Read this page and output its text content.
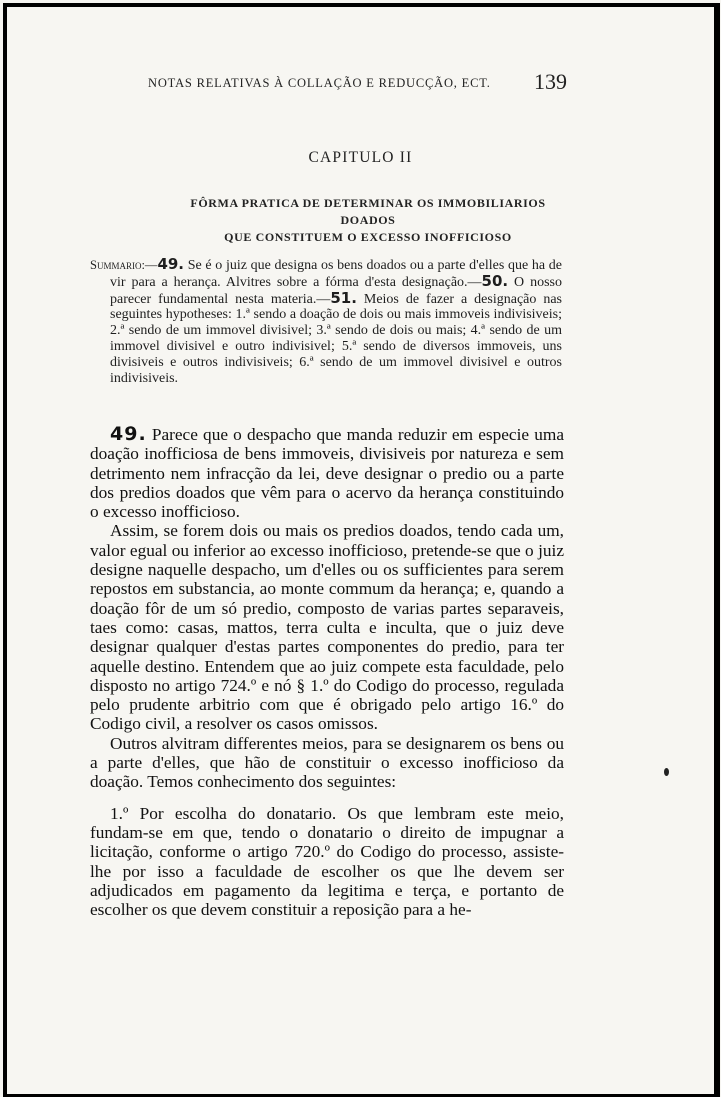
NOTAS RELATIVAS À COLLAÇÃO E REDUCÇÃO, ECT. 139
CAPITULO II
FÔRMA PRATICA DE DETERMINAR OS IMMOBILIARIOS DOADOS
QUE CONSTITUEM O EXCESSO INOFFICIOSO
Summario:—49. Se é o juiz que designa os bens doados ou a parte d'elles que ha de vir para a herança. Alvitres sobre a fórma d'esta designação.—50. O nosso parecer fundamental nesta materia.—51. Meios de fazer a designação nas seguintes hypotheses: 1.ª sendo a doação de dois ou mais immoveis indivisiveis; 2.ª sendo de um immovel divisivel; 3.ª sendo de dois ou mais; 4.ª sendo de um immovel divisivel e outro indivisivel; 5.ª sendo de diversos immoveis, uns divisiveis e outros indivisiveis; 6.ª sendo de um immovel divisivel e outros indivisiveis.

49. Parece que o despacho que manda reduzir em especie uma doação inofficiosa de bens immoveis, divisiveis por natureza e sem detrimento nem infracção da lei, deve designar o predio ou a parte dos predios doados que vêm para o acervo da herança constituindo o excesso inofficioso.

Assim, se forem dois ou mais os predios doados, tendo cada um, valor egual ou inferior ao excesso inofficioso, pretende-se que o juiz designe naquelle despacho, um d'elles ou os sufficientes para serem repostos em substancia, ao monte commum da herança; e, quando a doação fôr de um só predio, composto de varias partes separaveis, taes como: casas, mattos, terra culta e inculta, que o juiz deve designar qualquer d'estas partes componentes do predio, para ter aquelle destino. Entendem que ao juiz compete esta faculdade, pelo disposto no artigo 724.º e nó § 1.º do Codigo do processo, regulada pelo prudente arbitrio com que é obrigado pelo artigo 16.º do Codigo civil, a resolver os casos omissos.

Outros alvitram differentes meios, para se designarem os bens ou a parte d'elles, que hão de constituir o excesso inofficioso da doação. Temos conhecimento dos seguintes:

1.º Por escolha do donatario. Os que lembram este meio, fundam-se em que, tendo o donatario o direito de impugnar a licitação, conforme o artigo 720.º do Codigo do processo, assiste-lhe por isso a faculdade de escolher os que lhe devem ser adjudicados em pagamento da legitima e terça, e portanto de escolher os que devem constituir a reposição para a he-
